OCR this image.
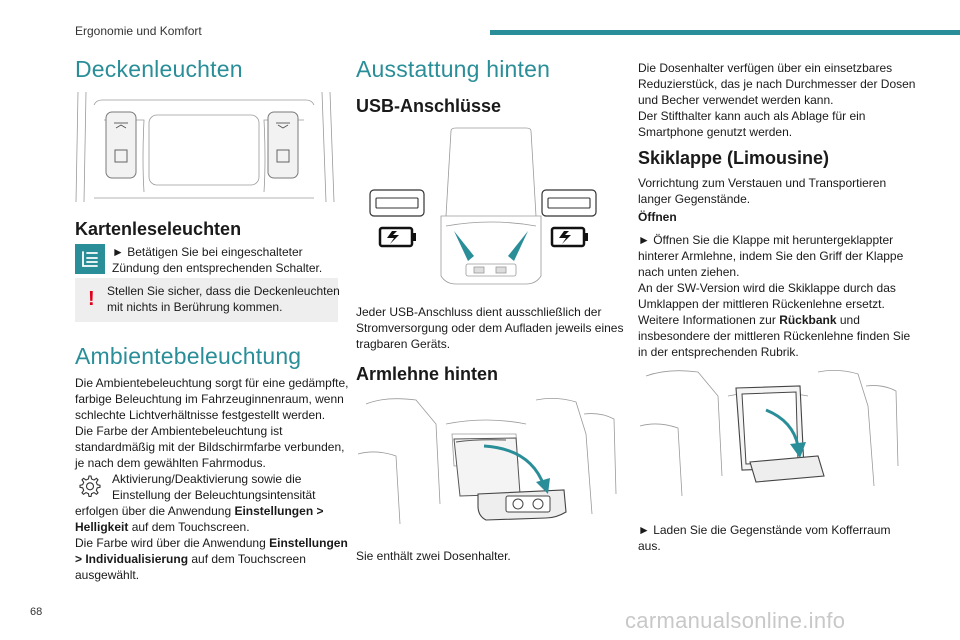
Ergonomie und Komfort
Deckenleuchten
Kartenleseleuchten
► Betätigen Sie bei eingeschalteter
Zündung den entsprechenden Schalter.
! Stellen Sie sicher, dass die Deckenleuchten
mit nichts in Berührung kommen.
Ambientebeleuchtung
Die Ambientebeleuchtung sorgt für eine gedämpfte,
farbige Beleuchtung im Fahrzeuginnenraum, wenn
schlechte Lichtverhältnisse festgestellt werden.
Die Farbe der Ambientebeleuchtung ist
standardmäßig mit der Bildschirmfarbe verbunden,
je nach dem gewählten Fahrmodus.
Aktivierung/Deaktivierung sowie die
Einstellung der Beleuchtungsintensität
erfolgen über die Anwendung Einstellungen >
Helligkeit auf dem Touchscreen.
Die Farbe wird über die Anwendung Einstellungen
> Individualisierung auf dem Touchscreen
ausgewählt.
Ausstattung hinten
USB-Anschlüsse
Jeder USB-Anschluss dient ausschließlich der
Stromversorgung oder dem Aufladen jeweils eines
tragbaren Geräts.
Armlehne hinten
Sie enthält zwei Dosenhalter.
Die Dosenhalter verfügen über ein einsetzbares
Reduzierstück, das je nach Durchmesser der Dosen
und Becher verwendet werden kann.
Der Stifthalter kann auch als Ablage für ein
Smartphone genutzt werden.
Skiklappe (Limousine)
Vorrichtung zum Verstauen und Transportieren
langer Gegenstände.
Öffnen
► Öffnen Sie die Klappe mit heruntergeklappter
hinterer Armlehne, indem Sie den Griff der Klappe
nach unten ziehen.
An der SW-Version wird die Skiklappe durch das
Umklappen der mittleren Rückenlehne ersetzt.
Weitere Informationen zur Rückbank und
insbesondere der mittleren Rückenlehne finden Sie
in der entsprechenden Rubrik.
► Laden Sie die Gegenstände vom Kofferraum
aus.
68	carmanualsonline.info
